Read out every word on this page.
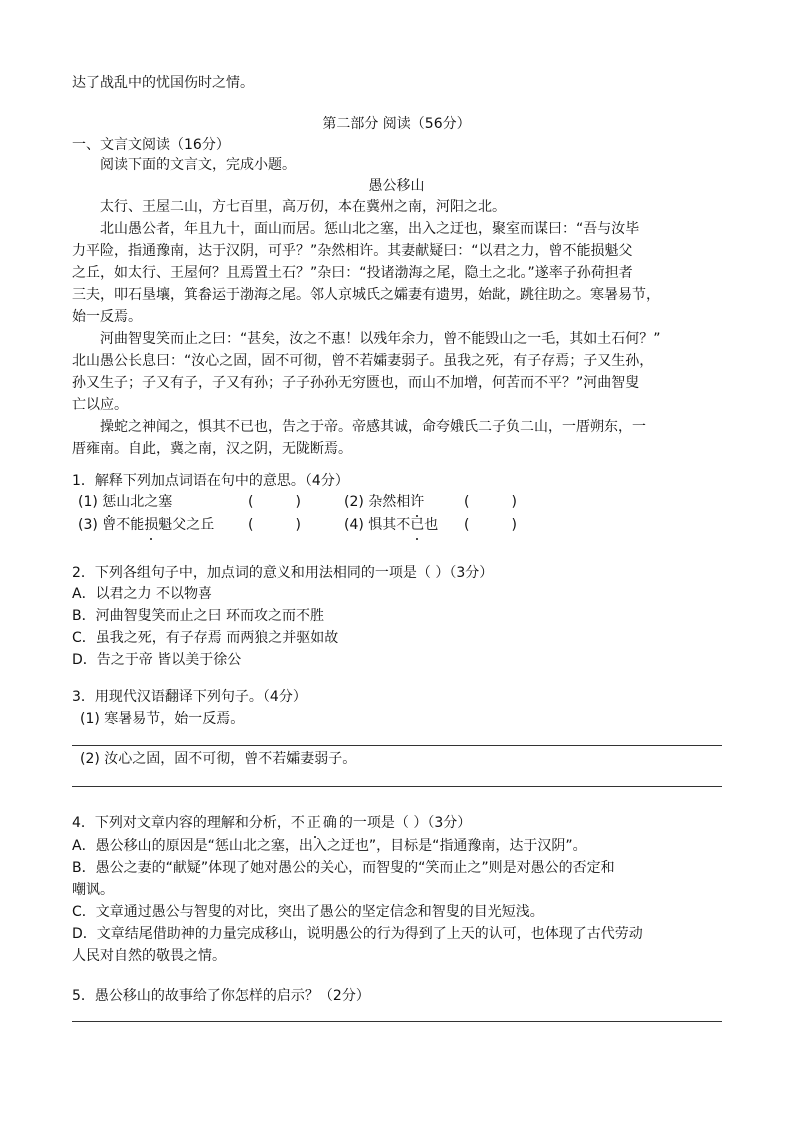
达了战乱中的忧国伤时之情。
第二部分 阅读（56分）
一、文言文阅读（16分）
阅读下面的文言文，完成小题。
愚公移山
太行、王屋二山，方七百里，高万仞，本在冀州之南，河阳之北。
北山愚公者，年且九十，面山而居。惩山北之塞，出入之迂也，聚室而谋曰：“吾与汝毕
力平险，指通豫南，达于汉阴，可乎？”杂然相许。其妻献疑曰：“以君之力，曾不能损魁父
之丘，如太行、王屋何？且焉置土石？”杂曰：“投诸渤海之尾，隐土之北。”遂率子孙荷担者
三夫，叩石垦壤，箕畚运于渤海之尾。邻人京城氏之孀妻有遗男，始龀，跳往助之。寒暑易节，
始一反焉。
河曲智叟笑而止之曰：“甚矣，汝之不惠！以残年余力，曾不能毁山之一毛，其如土石何？”
北山愚公长息曰：“汝心之固，固不可彻，曾不若孀妻弱子。虽我之死，有子存焉；子又生孙，
孙又生子；子又有子，子又有孙；子子孙孙无穷匮也，而山不加增，何苦而不平？”河曲智叟
亡以应。
操蛇之神闻之，惧其不已也，告之于帝。帝感其诚，命夸娥氏二子负二山，一厝朔东，一
厝雍南。自此，冀之南，汉之阴，无陇断焉。
1．解释下列加点词语在句中的意思。（4分）
(1) 惩山北之塞	(　　　)	(2) 杂然相许	(　　　)
(3) 曾不能损魁父之丘 (　　　)	(4) 惧其不已也 (　　　)
2．下列各组句子中，加点词的意义和用法相同的一项是（ ）（3分）
A．以君之力 不以物喜
B．河曲智叟笑而止之曰 环而攻之而不胜
C．虽我之死，有子存焉 而两狼之并驱如故
D．告之于帝 皆以美于徐公
3．用现代汉语翻译下列句子。（4分）
(1) 寒暑易节，始一反焉。
(2) 汝心之固，固不可彻，曾不若孀妻弱子。
4．下列对文章内容的理解和分析，不正确的一项是（ ）（3分）
A．愚公移山的原因是“惩山北之塞，出入之迂也”，目标是“指通豫南，达于汉阴”。
B．愚公之妻的“献疑”体现了她对愚公的关心，而智叟的“笑而止之”则是对愚公的否定和
嘲讽。
C．文章通过愚公与智叟的对比，突出了愚公的坚定信念和智叟的目光短浅。
D．文章结尾借助神的力量完成移山，说明愚公的行为得到了上天的认可，也体现了古代劳动
人民对自然的敬畏之情。
5．愚公移山的故事给了你怎样的启示？（2分）
